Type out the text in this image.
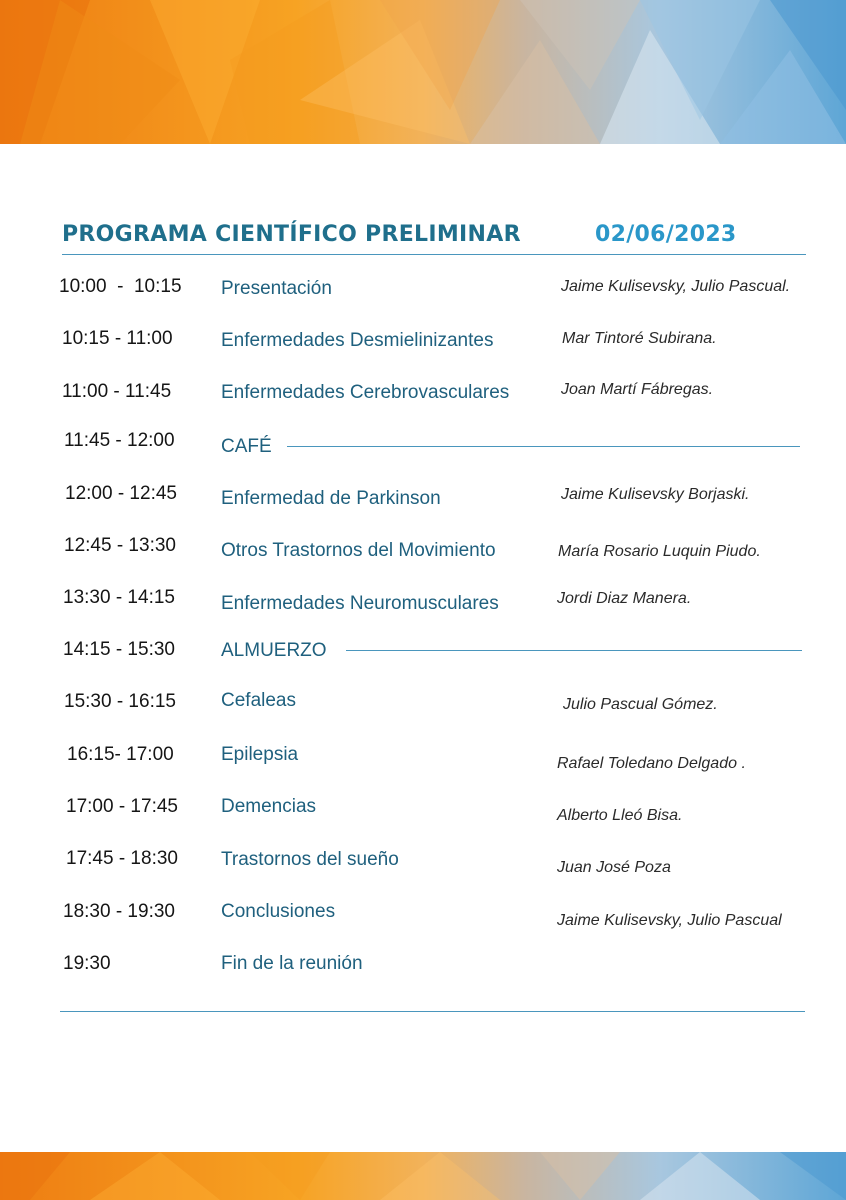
PROGRAMA CIENTÍFICO PRELIMINAR	02/06/2023
10:00  -  10:15 Presentación	Jaime Kulisevsky, Julio Pascual.
10:15 - 11:00	Enfermedades Desmielinizantes	Mar Tintoré Subirana.
11:00 - 11:45	Enfermedades Cerebrovasculares	Joan Martí Fábregas.
11:45 - 12:00 CAFÉ
12:00 - 12:45 Enfermedad de Parkinson	Jaime Kulisevsky Borjaski.
12:45 - 13:30 Otros Trastornos del Movimiento	María Rosario Luquin Piudo.
13:30 - 14:15 Enfermedades Neuromusculares	Jordi Diaz Manera.
14:15 - 15:30 ALMUERZO
15:30 - 16:15 Cefaleas	Julio Pascual Gómez.
16:15- 17:00 Epilepsia	Rafael Toledano Delgado .
17:00 - 17:45 Demencias	Alberto Lleó Bisa.
17:45 - 18:30 Trastornos del sueño	Juan José Poza
18:30 - 19:30 Conclusiones	Jaime Kulisevsky, Julio Pascual
19:30	Fin de la reunión
